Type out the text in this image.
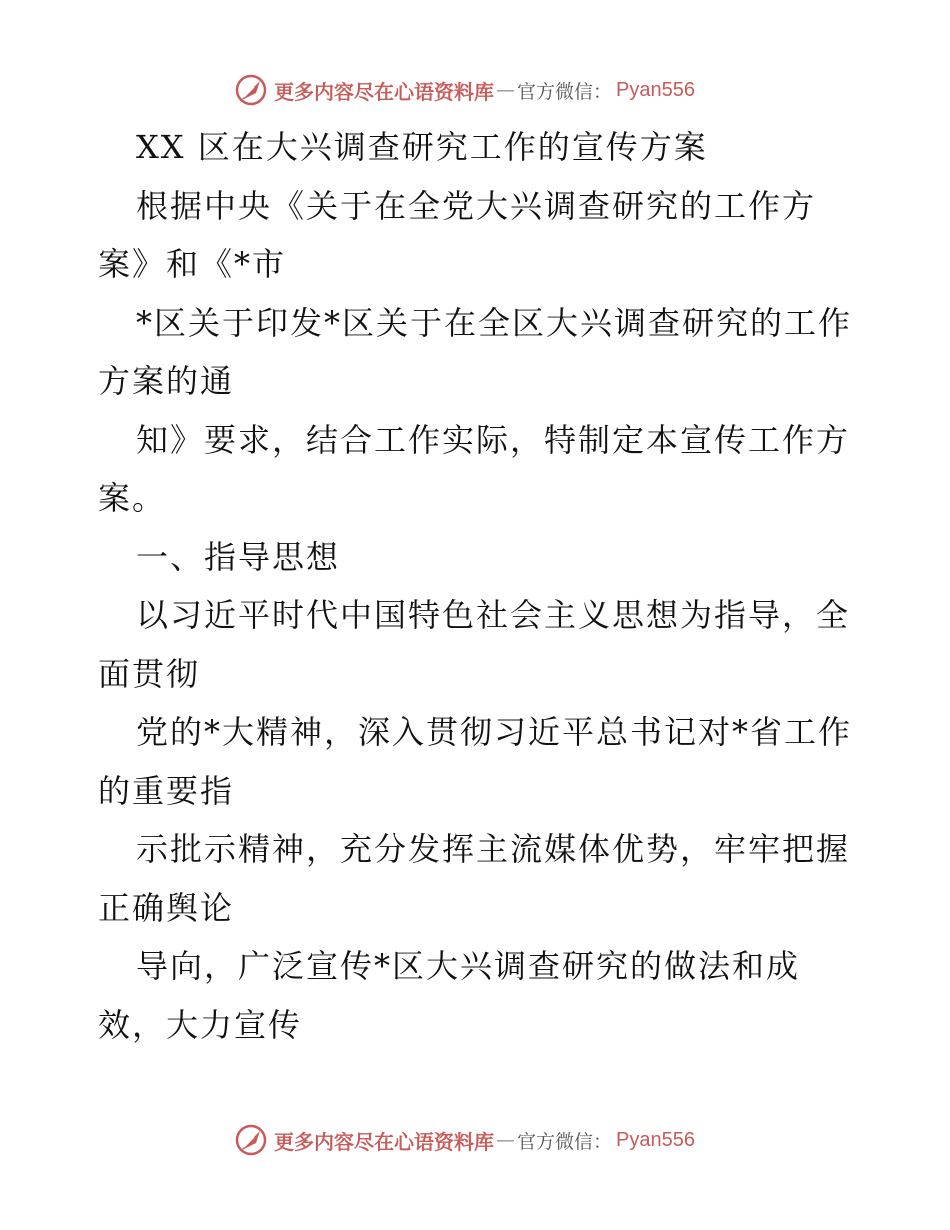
更多内容尽在心语资料库 — 官方微信： Pyan556
XX 区在大兴调查研究工作的宣传方案
根据中央《关于在全党大兴调查研究的工作方
案》和《*市
*区关于印发*区关于在全区大兴调查研究的工作
方案的通
知》要求，结合工作实际，特制定本宣传工作方
案。
一、指导思想
以习近平时代中国特色社会主义思想为指导，全
面贯彻
党的*大精神，深入贯彻习近平总书记对*省工作
的重要指
示批示精神，充分发挥主流媒体优势，牢牢把握
正确舆论
导向，广泛宣传*区大兴调查研究的做法和成
效，大力宣传
更多内容尽在心语资料库 — 官方微信： Pyan556
